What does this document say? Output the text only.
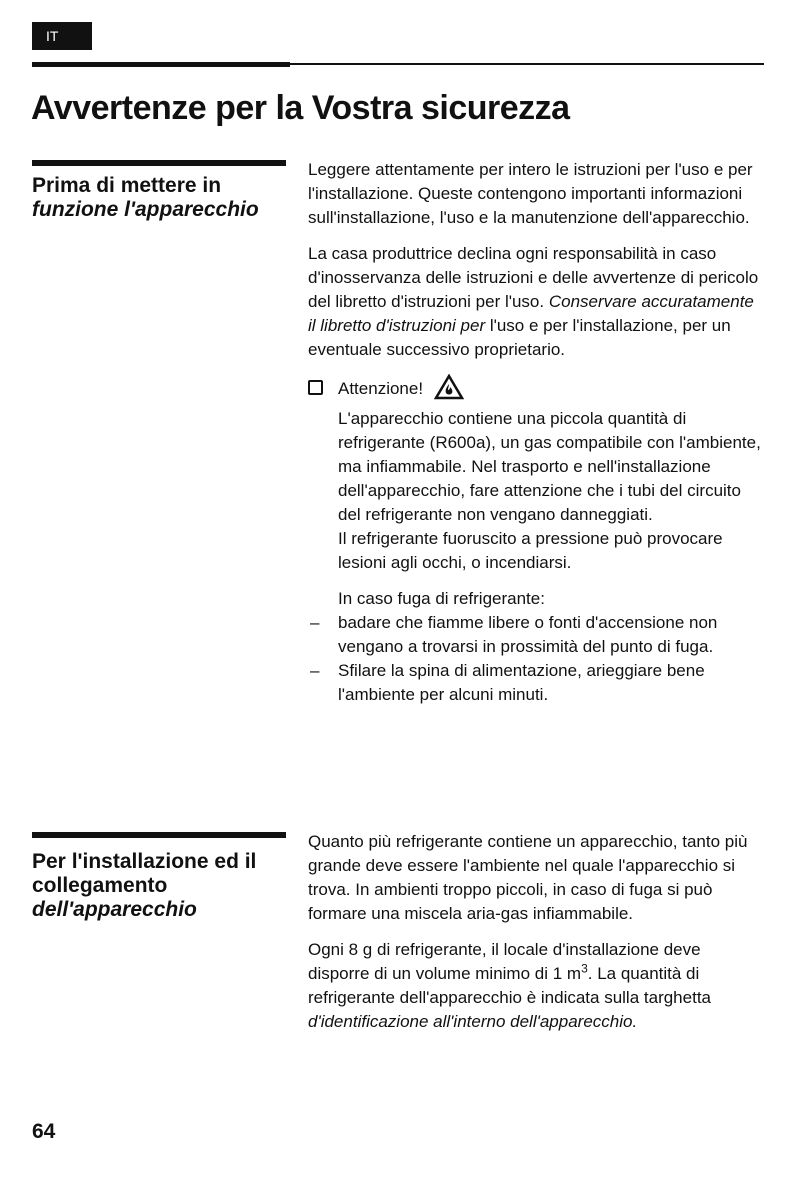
IT
Avvertenze per la Vostra sicurezza
Prima di mettere in
funzione l'apparecchio

Leggere attentamente per intero le istruzioni per l'uso e per l'installazione. Queste contengono importanti informazioni sull'installazione, l'uso e la manutenzione dell'apparecchio.

La casa produttrice declina ogni responsabilità in caso d'inosservanza delle istruzioni e delle avvertenze di pericolo del libretto d'istruzioni per l'uso. Conservare accuratamente il libretto d'istruzioni per l'uso e per l'installazione, per un eventuale successivo proprietario.

Attenzione!

L'apparecchio contiene una piccola quantità di refrigerante (R600a), un gas compatibile con l'ambiente, ma infiammabile. Nel trasporto e nell'installazione dell'apparecchio, fare attenzione che i tubi del circuito del refrigerante non vengano danneggiati.

Il refrigerante fuoruscito a pressione può provocare lesioni agli occhi, o incendiarsi.

In caso fuga di refrigerante:

– badare che fiamme libere o fonti d'accensione non vengano a trovarsi in prossimità del punto di fuga.
– Sfilare la spina di alimentazione, arieggiare bene l'ambiente per alcuni minuti.
Per l'installazione ed il
collegamento
dell'apparecchio

Quanto più refrigerante contiene un apparecchio, tanto più grande deve essere l'ambiente nel quale l'apparecchio si trova. In ambienti troppo piccoli, in caso di fuga si può formare una miscela aria-gas infiammabile.

Ogni 8 g di refrigerante, il locale d'installazione deve disporre di un volume minimo di 1 $m^3$. La quantità di refrigerante dell'apparecchio è indicata sulla targhetta d'identificazione all'interno dell'apparecchio.

64
